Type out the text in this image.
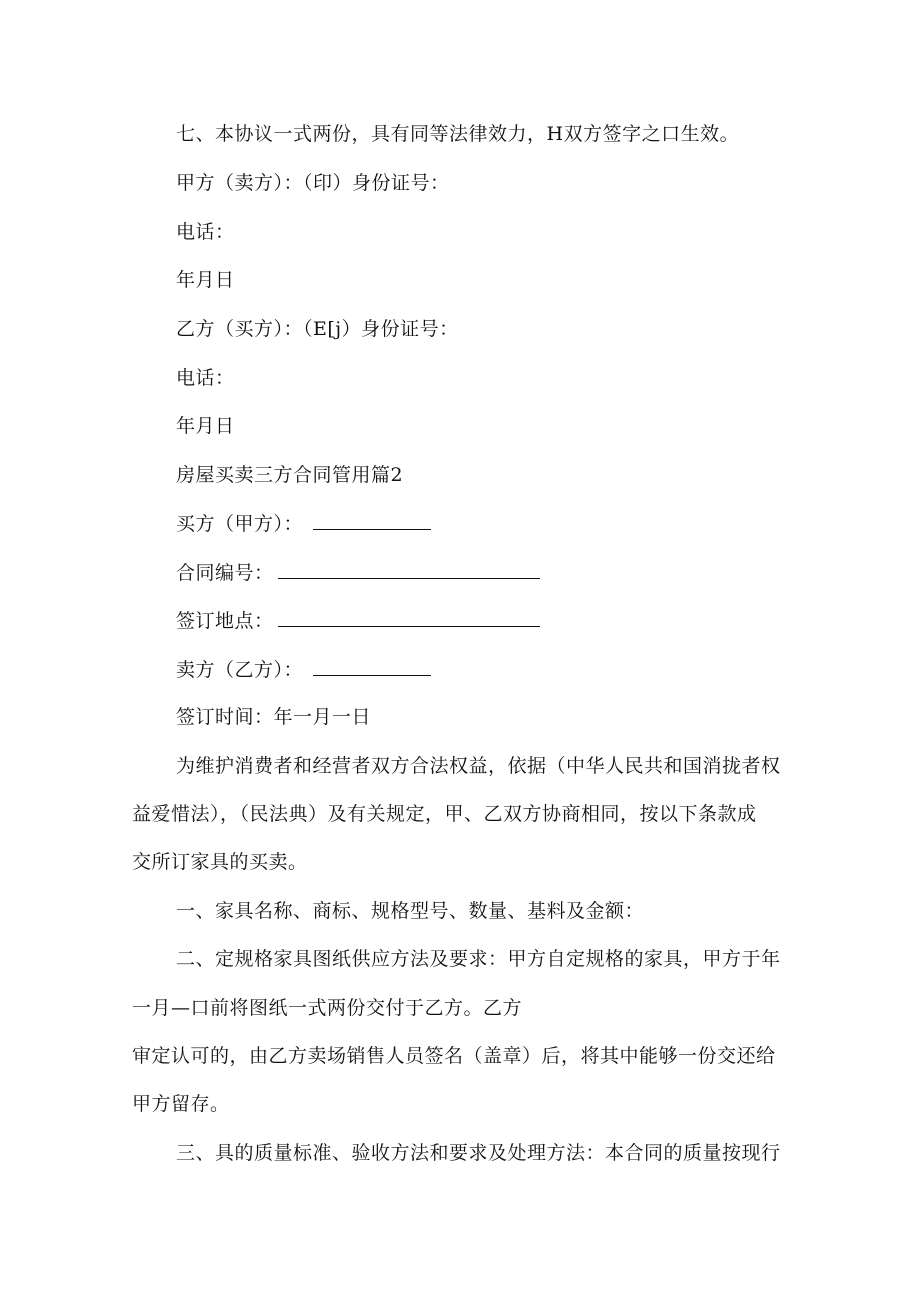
七、本协议一式两份，具有同等法律效力，H双方签字之口生效。
甲方（卖方）：（印）身份证号：
电话：
年月日
乙方（买方）：（E[j）身份证号：
电话：
年月日
房屋买卖三方合同管用篇2
买方（甲方）：
合同编号：
签订地点：
卖方（乙方）：
签订时间：年一月一日
为维护消费者和经营者双方合法权益，依据（中华人民共和国消拢者权
益爱惜法），（民法典）及有关规定，甲、乙双方协商相同，按以下条款成
交所订家具的买卖。
一、家具名称、商标、规格型号、数量、基料及金额：
二、定规格家具图纸供应方法及要求：甲方自定规格的家具，甲方于年
一月—口前将图纸一式两份交付于乙方。乙方
审定认可的，由乙方卖场销售人员签名（盖章）后，将其中能够一份交还给
甲方留存。
三、具的质量标准、验收方法和要求及处理方法：本合同的质量按现行
